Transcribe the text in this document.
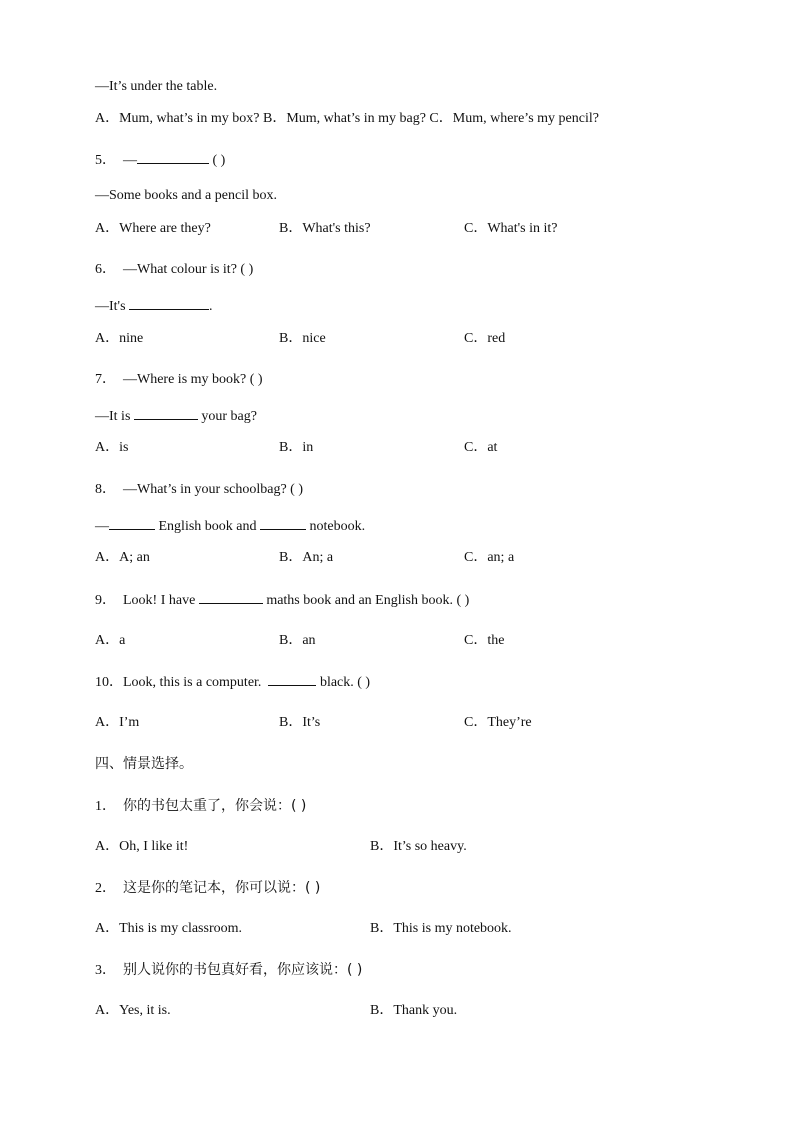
—It’s under the table.
A．Mum, what’s in my box? B．Mum, what’s in my bag? C．Mum, where’s my pencil?
5． —	( )
—Some books and a pencil box.
A．Where are they?	B．What's this?	C．What's in it?
6． —What colour is it? ( )
—It's	.
A．nine	B．nice	C．red
7． —Where is my book? ( )
—It is	your bag?
A．is	B．in	C．at
8． —What’s in your schoolbag? ( )
—	English book and	notebook.
A．A; an	B．An; a	C．an; a
9． Look! I have	maths book and an English book. ( )
A．a	B．an	C．the
10．Look, this is a computer.	black. ( )
A．I’m	B．It’s	C．They’re
四、情景选择。
1． 你的书包太重了，你会说：( )
A．Oh, I like it!	B．It’s so heavy.
2． 这是你的笔记本，你可以说：( )
A．This is my classroom.	B．This is my notebook.
3． 别人说你的书包真好看，你应该说：( )
A．Yes, it is.	B．Thank you.
